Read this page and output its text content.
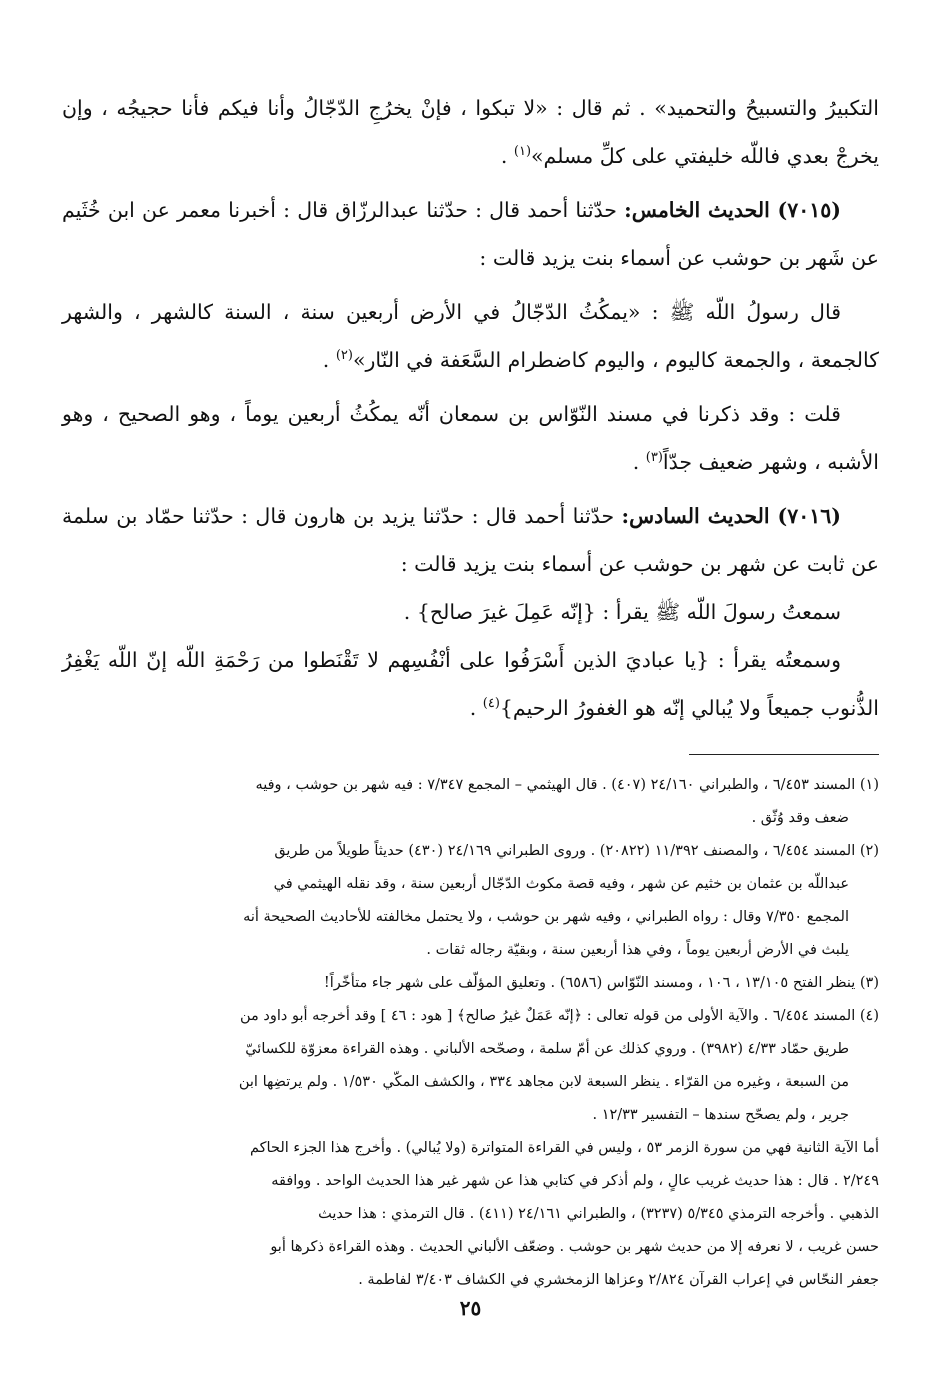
التكبيرُ والتسبيحُ والتحميد» . ثم قال : «لا تبكوا ، فإنْ يخرُجِ الدّجّالُ وأنا فيكم فأنا حجيجُه ، وإن يخرجْ بعدي فاللّه خليفتي على كلِّ مسلم»$^{(١)}$ .

(٧٠١٥) الحديث الخامس: حدّثنا أحمد قال : حدّثنا عبدالرزّاق قال : أخبرنا معمر عن ابن خُثَيم عن شَهر بن حوشب عن أسماء بنت يزيد قالت :

قال رسولُ اللّه ﷺ : «يمكُثُ الدّجّالُ في الأرض أربعين سنة ، السنة كالشهر ، والشهر كالجمعة ، والجمعة كاليوم ، واليوم كاضطرام السَّعَفة في النّار»$^{(٢)}$ .

قلت : وقد ذكرنا في مسند النّوّاس بن سمعان أنّه يمكُثُ أربعين يوماً ، وهو الصحيح ، وهو الأشبه ، وشهر ضعيف جدّاً$^{(٣)}$ .

(٧٠١٦) الحديث السادس: حدّثنا أحمد قال : حدّثنا يزيد بن هارون قال : حدّثنا حمّاد بن سلمة عن ثابت عن شهر بن حوشب عن أسماء بنت يزيد قالت :

سمعتُ رسولَ اللّه ﷺ يقرأ : {إنّه عَمِلَ غيرَ صالح} .

وسمعتُه يقرأ : {يا عباديَ الذين أَسْرَفُوا على أنْفُسِهم لا تَقْنَطوا من رَحْمَةِ اللّه إنّ اللّه يَغْفِرُ الذُّنوب جميعاً ولا يُبالي إنّه هو الغفورُ الرحيم}$^{(٤)}$ .

(١) المسند ٦/٤٥٣ ، والطبراني ٢٤/١٦٠ (٤٠٧) . قال الهيثمي – المجمع ٧/٣٤٧ : فيه شهر بن حوشب ، وفيه

ضعف وقد وُثّق .

(٢) المسند ٦/٤٥٤ ، والمصنف ١١/٣٩٢ (٢٠٨٢٢) . وروى الطبراني ٢٤/١٦٩ (٤٣٠) حديثاً طويلاً من طريق

عبداللّه بن عثمان بن خثيم عن شهر ، وفيه قصة مكوث الدّجّال أربعين سنة ، وقد نقله الهيثمي في

المجمع ٧/٣٥٠ وقال : رواه الطبراني ، وفيه شهر بن حوشب ، ولا يحتمل مخالفته للأحاديث الصحيحة أنه

يلبث في الأرض أربعين يوماً ، وفي هذا أربعين سنة ، وبقيّة رجاله ثقات .

(٣) ينظر الفتح ١٣/١٠٥ ، ١٠٦ ، ومسند النّوّاس (٦٥٨٦) . وتعليق المؤلّف على شهر جاء متأخّراً!

(٤) المسند ٦/٤٥٤ . والآية الأولى من قوله تعالى : ﴿إنّه عَمَلٌ غيرُ صالح﴾ [ هود : ٤٦ ] وقد أخرجه أبو داود من

طريق حمّاد ٤/٣٣ (٣٩٨٢) . وروي كذلك عن أمّ سلمة ، وصحّحه الألباني . وهذه القراءة معزوّة للكسائيّ

من السبعة ، وغيره من القرّاء . ينظر السبعة لابن مجاهد ٣٣٤ ، والكشف المكّي ١/٥٣٠ . ولم يرتضِها ابن

جرير ، ولم يصحّح سندها – التفسير ١٢/٣٣ .

أما الآية الثانية فهي من سورة الزمر ٥٣ ، وليس في القراءة المتواترة (ولا يُبالي) . وأخرج هذا الجزء الحاكم

٢/٢٤٩ . قال : هذا حديث غريب عالٍ ، ولم أذكر في كتابي هذا عن شهر غير هذا الحديث الواحد . ووافقه

الذهبي . وأخرجه الترمذي ٥/٣٤٥ (٣٢٣٧) ، والطبراني ٢٤/١٦١ (٤١١) . قال الترمذي : هذا حديث

حسن غريب ، لا نعرفه إلا من حديث شهر بن حوشب . وضعّف الألباني الحديث . وهذه القراءة ذكرها أبو

جعفر النحّاس في إعراب القرآن ٢/٨٢٤ وعزاها الزمخشري في الكشاف ٣/٤٠٣ لفاطمة .

٢٥
